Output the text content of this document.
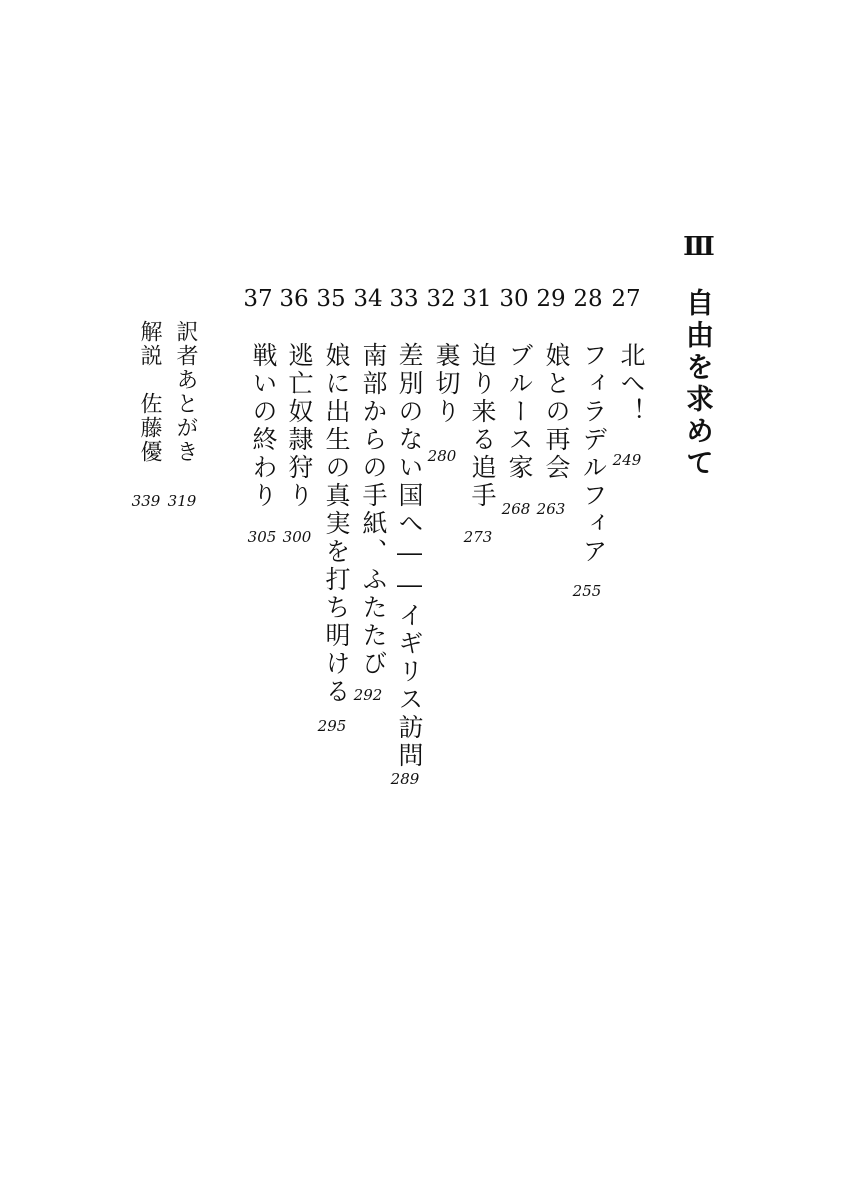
Ⅲ
自由を求めて
27
北へ！
249
28
フィラデルフィア
255
29
娘との再会
263
30
ブルース家
268
31
迫り来る追手
273
32
裏切り
280
33
差別のない国へ――イギリス訪問
289
34
南部からの手紙、ふたたび
292
35
娘に出生の真実を打ち明ける
295
36
逃亡奴隷狩り
300
37
戦いの終わり
305
訳者あとがき
319
解説　佐藤優
339
